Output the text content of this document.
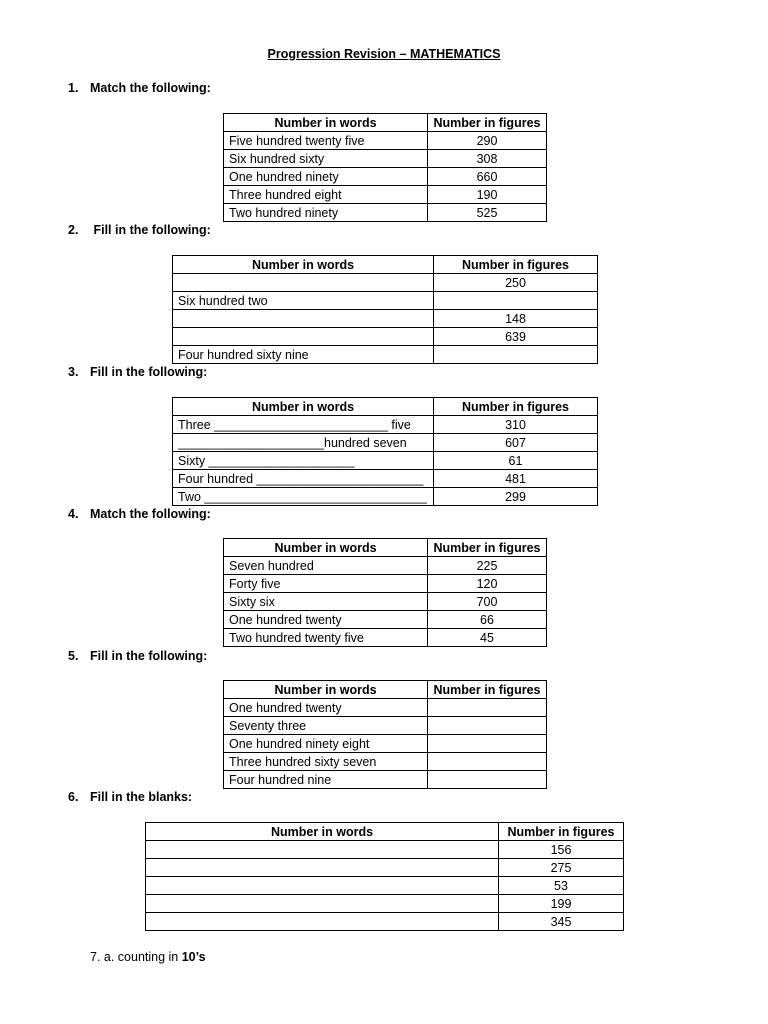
Progression Revision – MATHEMATICS
1. Match the following:
Number in words	Number in figures
Five hundred twenty five	290
Six hundred sixty	308
One hundred ninety	660
Three hundred eight	190
Two hundred ninety	525
2. Fill in the following:
Number in words	Number in figures
	250
Six hundred two	
	148
	639
Four hundred sixty nine	
3. Fill in the following:
Number in words	Number in figures
Three _________________________ five	310
_____________________hundred seven	607
Sixty _____________________	61
Four hundred ________________________	481
Two ________________________________	299
4. Match the following:
Number in words	Number in figures
Seven hundred	225
Forty five	120
Sixty six	700
One hundred twenty	66
Two hundred twenty five	45
5. Fill in the following:
Number in words	Number in figures
One hundred twenty	
Seventy three	
One hundred ninety eight	
Three hundred sixty seven	
Four hundred nine	
6. Fill in the blanks:
Number in words	Number in figures
	156
	275
	53
	199
	345
7. a. counting in 10’s
